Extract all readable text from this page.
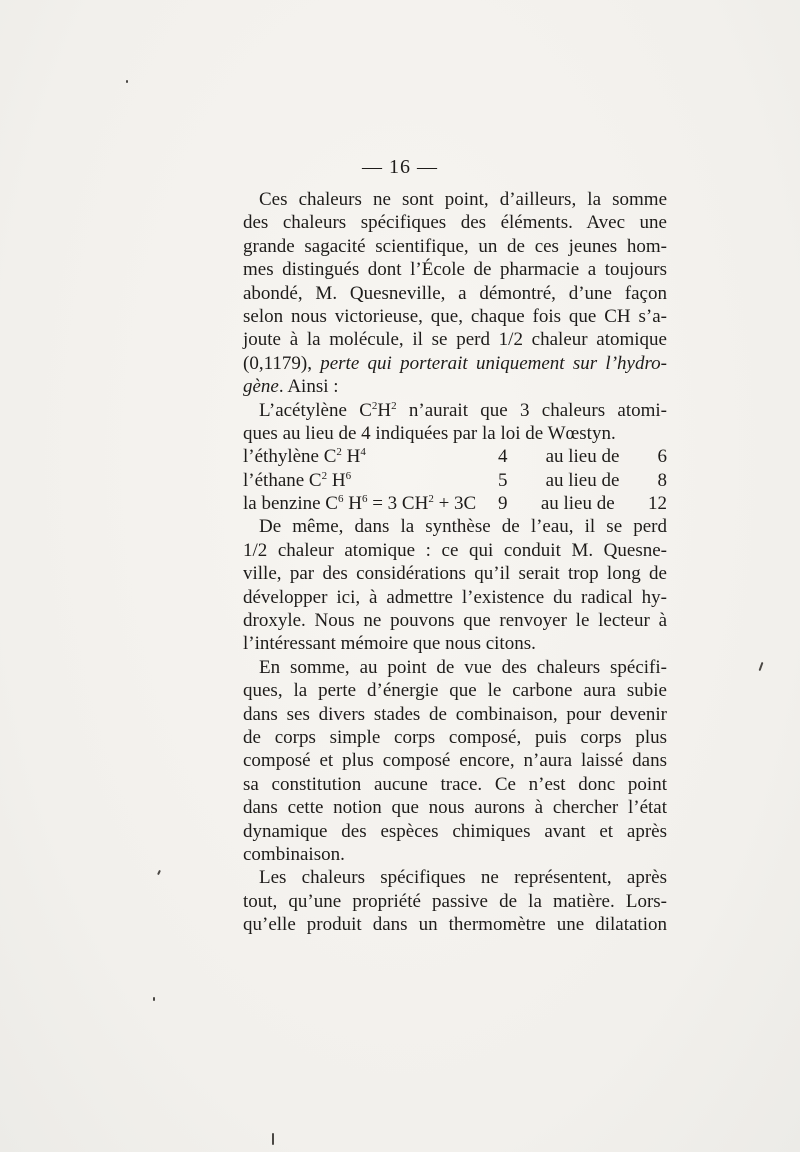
— 16 —
Ces chaleurs ne sont point, d’ailleurs, la somme
des chaleurs spécifiques des éléments. Avec une
grande sagacité scientifique, un de ces jeunes hom-
mes distingués dont l’École de pharmacie a toujours
abondé, M. Quesneville, a démontré, d’une façon
selon nous victorieuse, que, chaque fois que CH s’a-
joute à la molécule, il se perd 1/2 chaleur atomique
(0,1179), perte qui porterait uniquement sur l’hydro-
gène. Ainsi :
L’acétylène $C^2H^2$ n’aurait que 3 chaleurs atomi-
ques au lieu de 4 indiquées par la loi de Wœstyn.
l’éthylène $C^2$ $H^4$	4 au lieu de 6
l’éthane $C^2$ $H^6$	5 au lieu de 8
la benzine $C^6$ $H^6 = 3$ $CH^2 + 3C$	9 au lieu de 12
De même, dans la synthèse de l’eau, il se perd
1/2 chaleur atomique : ce qui conduit M. Quesne-
ville, par des considérations qu’il serait trop long de
développer ici, à admettre l’existence du radical hy-
droxyle. Nous ne pouvons que renvoyer le lecteur à
l’intéressant mémoire que nous citons.
En somme, au point de vue des chaleurs spécifi-
ques, la perte d’énergie que le carbone aura subie
dans ses divers stades de combinaison, pour devenir
de corps simple corps composé, puis corps plus
composé et plus composé encore, n’aura laissé dans
sa constitution aucune trace. Ce n’est donc point
dans cette notion que nous aurons à chercher l’état
dynamique des espèces chimiques avant et après
combinaison.
Les chaleurs spécifiques ne représentent, après
tout, qu’une propriété passive de la matière. Lors-
qu’elle produit dans un thermomètre une dilatation
